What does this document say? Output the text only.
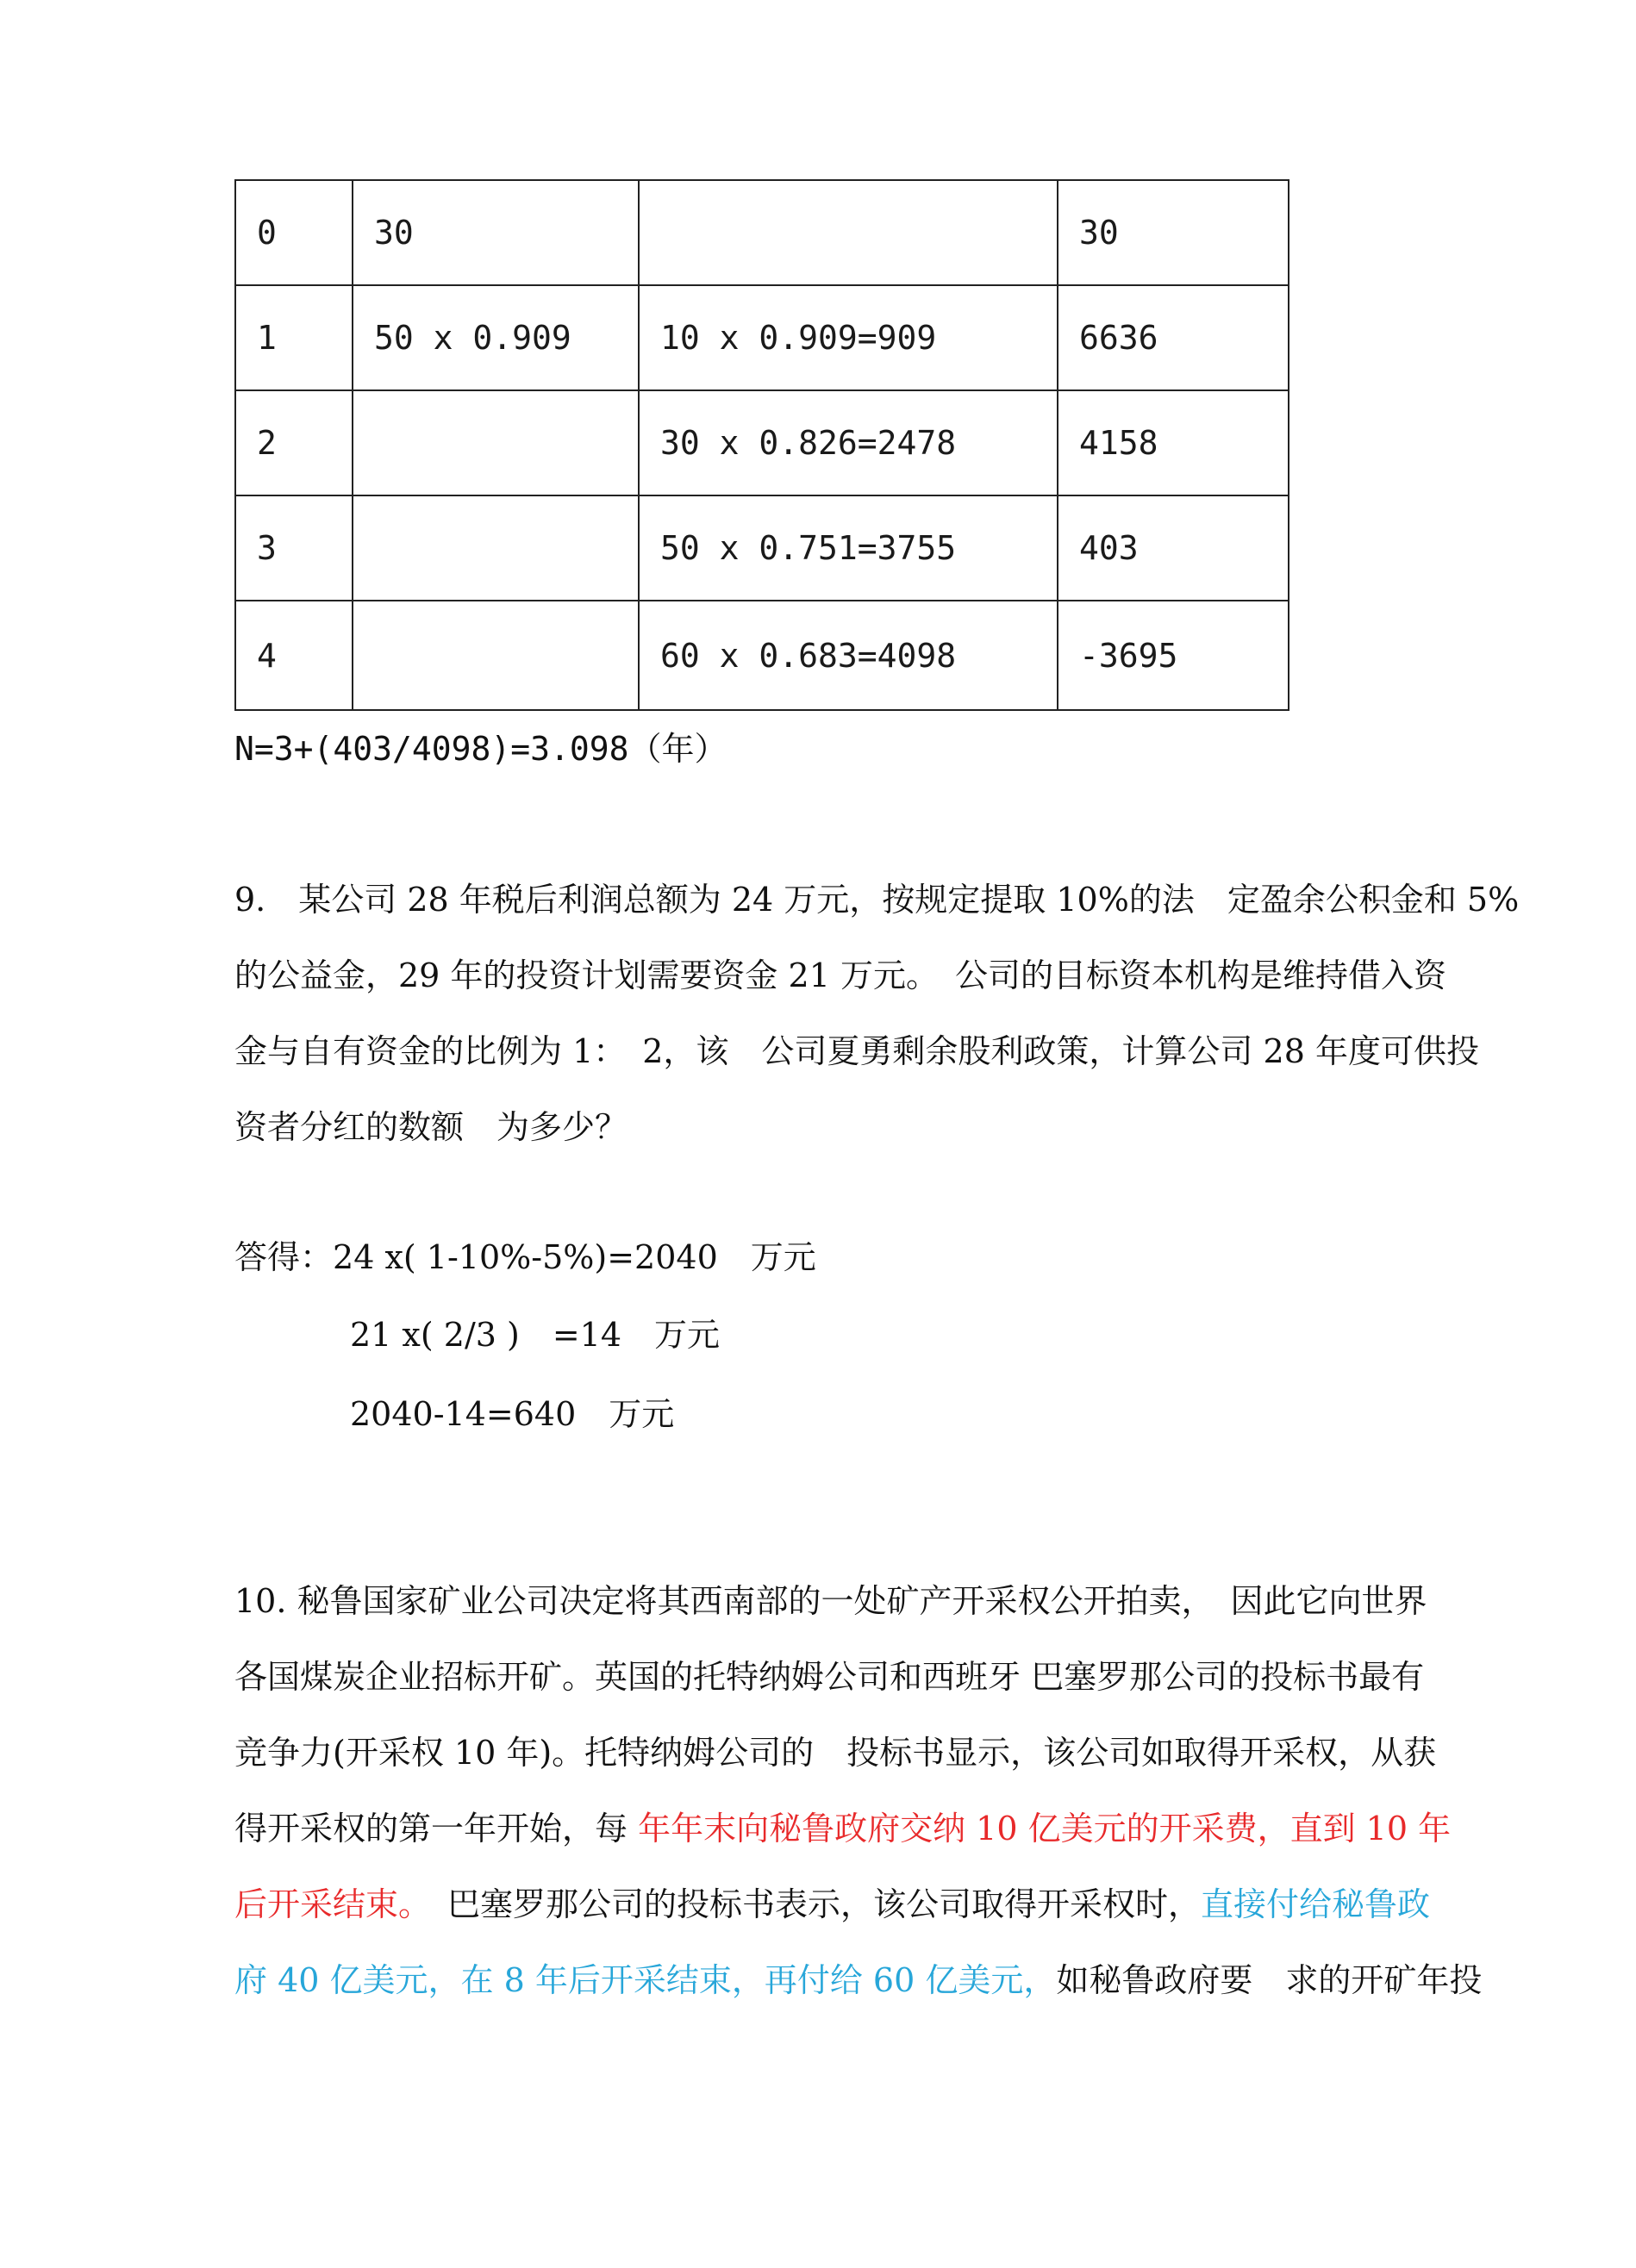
0	30		30
1	50 x 0.909	10 x 0.909=909	6636
2		30 x 0.826=2478	4158
3		50 x 0.751=3755	403
4		60 x 0.683=4098	-3695
N=3+(403/4098)=3.098（年）
9.　某公司 28 年税后利润总额为 24 万元，按规定提取 10%的法　定盈余公积金和 5%
的公益金，29 年的投资计划需要资金 21 万元。　公司的目标资本机构是维持借入资
金与自有资金的比例为 1：　2，该　公司夏勇剩余股利政策，计算公司 28 年度可供投
资者分红的数额　为多少？
答得：24 x( 1-10%-5%)=2040　万元
21 x( 2/3 )　=14　万元
2040-14=640　万元
10. 秘鲁国家矿业公司决定将其西南部的一处矿产开采权公开拍卖，　因此它向世界
各国煤炭企业招标开矿。英国的托特纳姆公司和西班牙 巴塞罗那公司的投标书最有
竞争力(开采权 10 年)。托特纳姆公司的　投标书显示，该公司如取得开采权，从获
得开采权的第一年开始，每 年年末向秘鲁政府交纳 10 亿美元的开采费，直到 10 年
后开采结束。　巴塞罗那公司的投标书表示，该公司取得开采权时，直接付给秘鲁政
府 40 亿美元，在 8 年后开采结束，再付给 60 亿美元，如秘鲁政府要　求的开矿年投
